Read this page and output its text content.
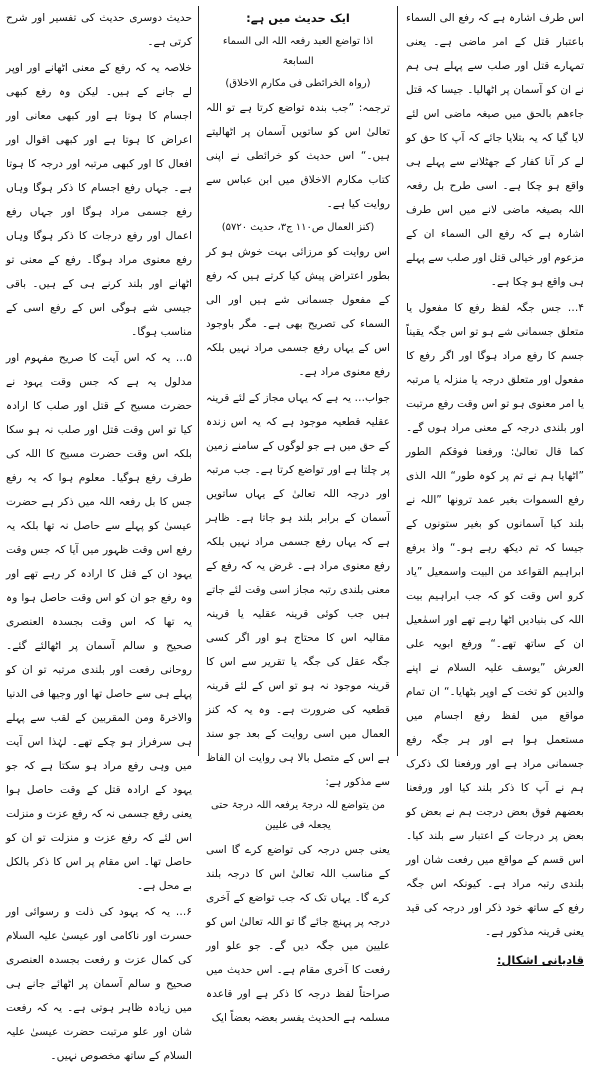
اس طرف اشارہ ہے کہ رفع الی السماء باعتبار قتل کے امر ماضی ہے۔ یعنی تمہارے قتل اور صلب سے پہلے ہی ہم نے ان کو آسمان پر اٹھالیا۔ جیسا کہ قتل جاءھم بالحق میں صیغہ ماضی اس لئے لایا گیا کہ یہ بتلایا جائے کہ آپ کا حق کو لے کر آنا کفار کے جھٹلانے سے پہلے ہی واقع ہو چکا ہے۔ اسی طرح بل رفعہ اللہ بصیغہ ماضی لانے میں اس طرف اشارہ ہے کہ رفع الی السماء ان کے مزعوم اور خیالی قتل اور صلب سے پہلے ہی واقع ہو چکا ہے۔

۴… جس جگہ لفظ رفع کا مفعول یا متعلق جسمانی شے ہو تو اس جگہ یقیناً جسم کا رفع مراد ہوگا اور اگر رفع کا مفعول اور متعلق درجہ یا منزلہ یا مرتبہ یا امر معنوی ہو تو اس وقت رفع مرتبت اور بلندی درجہ کے معنی مراد ہوں گے۔ کما قال تعالیٰ: ورفعنا فوقکم الطور ”اٹھایا ہم نے تم پر کوہ طور“ اللہ الذی رفع السموات بغیر عمد ترونھا ”اللہ نے بلند کیا آسمانوں کو بغیر ستونوں کے جیسا کہ تم دیکھ رہے ہو۔“ واذ یرفع ابراہیم القواعد من البیت واسمعیل ”یاد کرو اس وقت کو کہ جب ابراہیم بیت اللہ کی بنیادیں اٹھا رہے تھے اور اسمٰعیل ان کے ساتھ تھے۔“ ورفع ابویہ علی العرش ”یوسف علیہ السلام نے اپنے والدین کو تخت کے اوپر بٹھایا۔“ ان تمام مواقع میں لفظ رفع اجسام میں مستعمل ہوا ہے اور ہر جگہ رفع جسمانی مراد ہے اور ورفعنا لک ذکرک ہم نے آپ کا ذکر بلند کیا اور ورفعنا بعضھم فوق بعض درجت ہم نے بعض کو بعض پر درجات کے اعتبار سے بلند کیا۔ اس قسم کے مواقع میں رفعت شان اور بلندی رتبہ مراد ہے۔ کیونکہ اس جگہ رفع کے ساتھ خود ذکر اور درجہ کی قید یعنی قرینہ مذکور ہے۔

قادیانی اشکال:

ایک حدیث میں ہے:

اذا تواضع العبد رفعہ اللہ الی السماء السابعۃ

(رواہ الخرائطی فی مکارم الاخلاق)

ترجمہ: ”جب بندہ تواضع کرتا ہے تو اللہ تعالیٰ اس کو ساتویں آسمان پر اٹھالیتے ہیں۔“ اس حدیث کو خرائطی نے اپنی کتاب مکارم الاخلاق میں ابن عباس سے روایت کیا ہے۔

(کنز العمال ص۱۱۰ ج۳، حدیث ۵۷۲۰)

اس روایت کو مرزائی بہت خوش ہو کر بطور اعتراض پیش کیا کرتے ہیں کہ رفع کے مفعول جسمانی شے ہیں اور الی السماء کی تصریح بھی ہے۔ مگر باوجود اس کے یہاں رفع جسمی مراد نہیں بلکہ رفع معنوی مراد ہے۔

جواب… یہ ہے کہ یہاں مجاز کے لئے قرینہ عقلیہ قطعیہ موجود ہے کہ یہ اس زندہ کے حق میں ہے جو لوگوں کے سامنے زمین پر چلتا ہے اور تواضع کرتا ہے۔ جب مرتبہ اور درجہ اللہ تعالیٰ کے یہاں ساتویں آسمان کے برابر بلند ہو جاتا ہے۔ ظاہر ہے کہ یہاں رفع جسمی مراد نہیں بلکہ رفع معنوی مراد ہے۔ غرض یہ کہ رفع کے معنی بلندی رتبہ مجاز اسی وقت لئے جاتے ہیں جب کوئی قرینہ عقلیہ یا قرینہ مقالیہ اس کا محتاج ہو اور اگر کسی جگہ عقل کی جگہ یا تقریر سے اس کا قرینہ موجود نہ ہو تو اس کے لئے قرینہ قطعیہ کی ضرورت ہے۔ وہ یہ کہ کنز العمال میں اسی روایت کے بعد جو سند ہے اس کے متصل بالا ہی روایت ان الفاظ سے مذکور ہے:

من یتواضع للہ درجۃ یرفعہ اللہ درجۃ حتی یجعلہ فی علیین

یعنی جس درجہ کی تواضع کرے گا اسی کے مناسب اللہ تعالیٰ اس کا درجہ بلند کرے گا۔ یہاں تک کہ جب تواضع کے آخری درجہ پر پہنچ جائے گا تو اللہ تعالیٰ اس کو علیین میں جگہ دیں گے۔ جو علو اور رفعت کا آخری مقام ہے۔ اس حدیث میں صراحتاً لفظ درجہ کا ذکر ہے اور قاعدہ مسلمہ ہے الحدیث یفسر بعضہ بعضاً ایک

حدیث دوسری حدیث کی تفسیر اور شرح کرتی ہے۔

خلاصہ یہ کہ رفع کے معنی اٹھانے اور اوپر لے جانے کے ہیں۔ لیکن وہ رفع کبھی اجسام کا ہوتا ہے اور کبھی معانی اور اعراض کا ہوتا ہے اور کبھی اقوال اور افعال کا اور کبھی مرتبہ اور درجہ کا ہوتا ہے۔ جہاں رفع اجسام کا ذکر ہوگا وہاں رفع جسمی مراد ہوگا اور جہاں رفع اعمال اور رفع درجات کا ذکر ہوگا وہاں رفع معنوی مراد ہوگا۔ رفع کے معنی تو اٹھانے اور بلند کرنے ہی کے ہیں۔ باقی جیسی شے ہوگی اس کے رفع اسی کے مناسب ہوگا۔

۵… یہ کہ اس آیت کا صریح مفہوم اور مدلول یہ ہے کہ جس وقت یہود نے حضرت مسیح کے قتل اور صلب کا ارادہ کیا تو اس وقت قتل اور صلب نہ ہو سکا بلکہ اس وقت حضرت مسیح کا اللہ کی طرف رفع ہوگیا۔ معلوم ہوا کہ یہ رفع جس کا بل رفعہ اللہ میں ذکر ہے حضرت عیسیٰ کو پہلے سے حاصل نہ تھا بلکہ یہ رفع اس وقت ظہور میں آیا کہ جس وقت یہود ان کے قتل کا ارادہ کر رہے تھے اور وہ رفع جو ان کو اس وقت حاصل ہوا وہ یہ تھا کہ اس وقت بجسدہ العنصری صحیح و سالم آسمان پر اٹھالئے گئے۔ روحانی رفعت اور بلندی مرتبہ تو ان کو پہلے ہی سے حاصل تھا اور وجیھا فی الدنیا والاخرۃ ومن المقربین کے لقب سے پہلے ہی سرفراز ہو چکے تھے۔ لہٰذا اس آیت میں وہی رفع مراد ہو سکتا ہے کہ جو یہود کے ارادہ قتل کے وقت حاصل ہوا یعنی رفع جسمی نہ کہ رفع عزت و منزلت اس لئے کہ رفع عزت و منزلت تو ان کو حاصل تھا۔ اس مقام پر اس کا ذکر بالکل بے محل ہے۔

۶… یہ کہ یہود کی ذلت و رسوائی اور حسرت اور ناکامی اور عیسیٰ علیہ السلام کی کمال عزت و رفعت بجسدہ العنصری صحیح و سالم آسمان پر اٹھائے جانے ہی میں زیادہ ظاہر ہوتی ہے۔ یہ کہ رفعت شان اور علو مرتبت حضرت عیسیٰ علیہ السلام کے ساتھ مخصوص نہیں۔
